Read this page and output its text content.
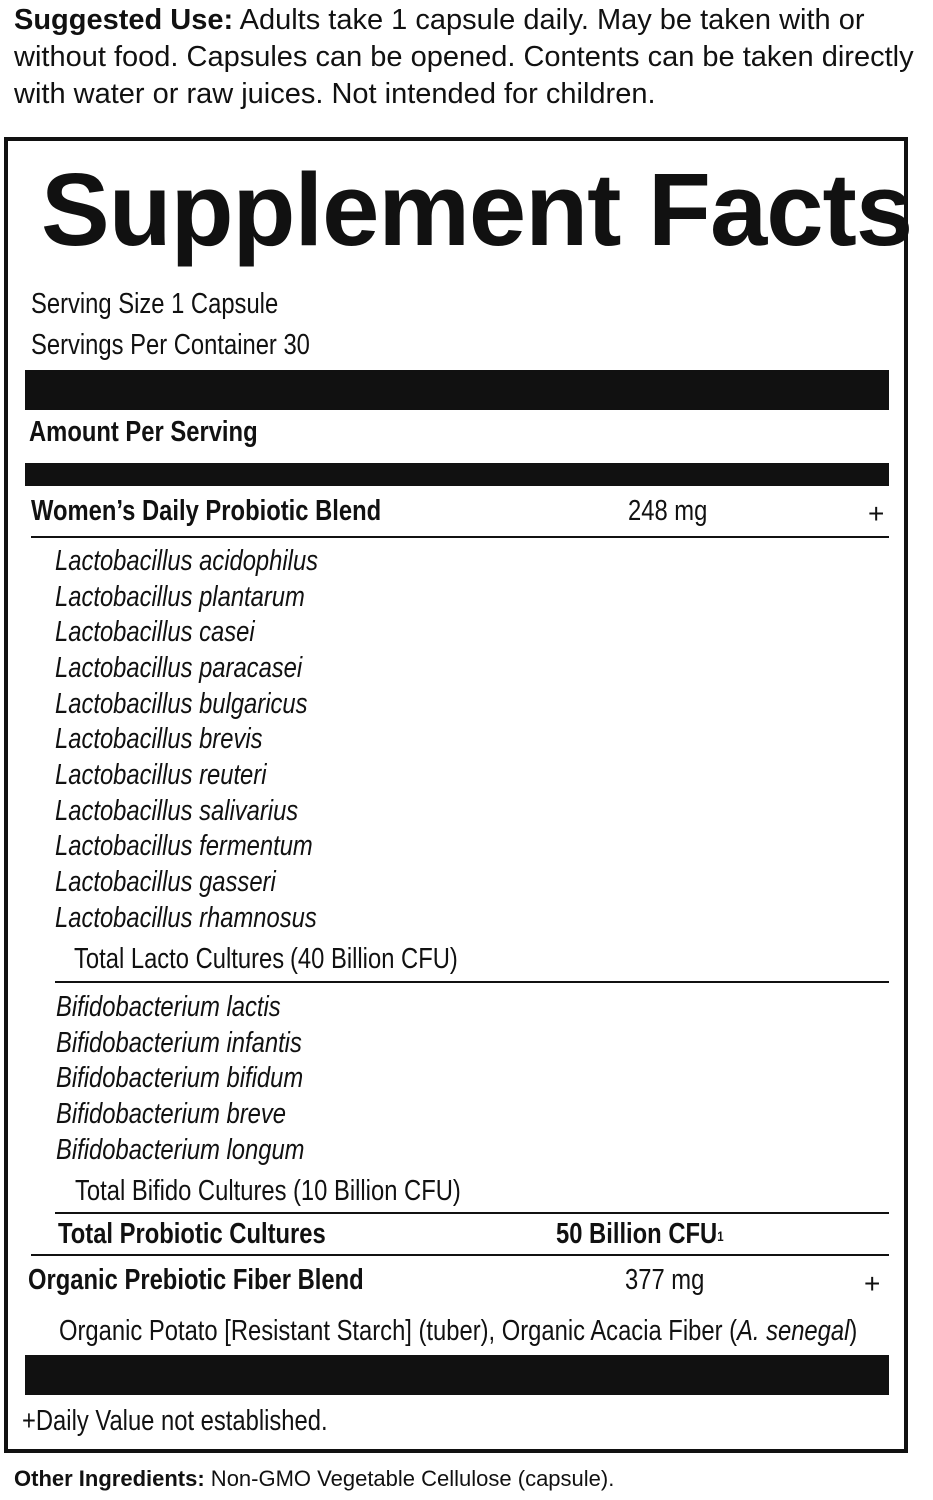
Suggested Use: Adults take 1 capsule daily. May be taken with or without food. Capsules can be opened. Contents can be taken directly with water or raw juices. Not intended for children.
Supplement Facts
Serving Size 1 Capsule
Servings Per Container 30
Amount Per Serving
Women’s Daily Probiotic Blend	248 mg	+
Lactobacillus acidophilus
Lactobacillus plantarum
Lactobacillus casei
Lactobacillus paracasei
Lactobacillus bulgaricus
Lactobacillus brevis
Lactobacillus reuteri
Lactobacillus salivarius
Lactobacillus fermentum
Lactobacillus gasseri
Lactobacillus rhamnosus
Total Lacto Cultures (40 Billion CFU)
Bifidobacterium lactis
Bifidobacterium infantis
Bifidobacterium bifidum
Bifidobacterium breve
Bifidobacterium longum
Total Bifido Cultures (10 Billion CFU)
Total Probiotic Cultures	50 Billion CFU$^1$
Organic Prebiotic Fiber Blend	377 mg	+
Organic Potato [Resistant Starch] (tuber), Organic Acacia Fiber (A. senegal)
+Daily Value not established.
Other Ingredients: Non-GMO Vegetable Cellulose (capsule).
